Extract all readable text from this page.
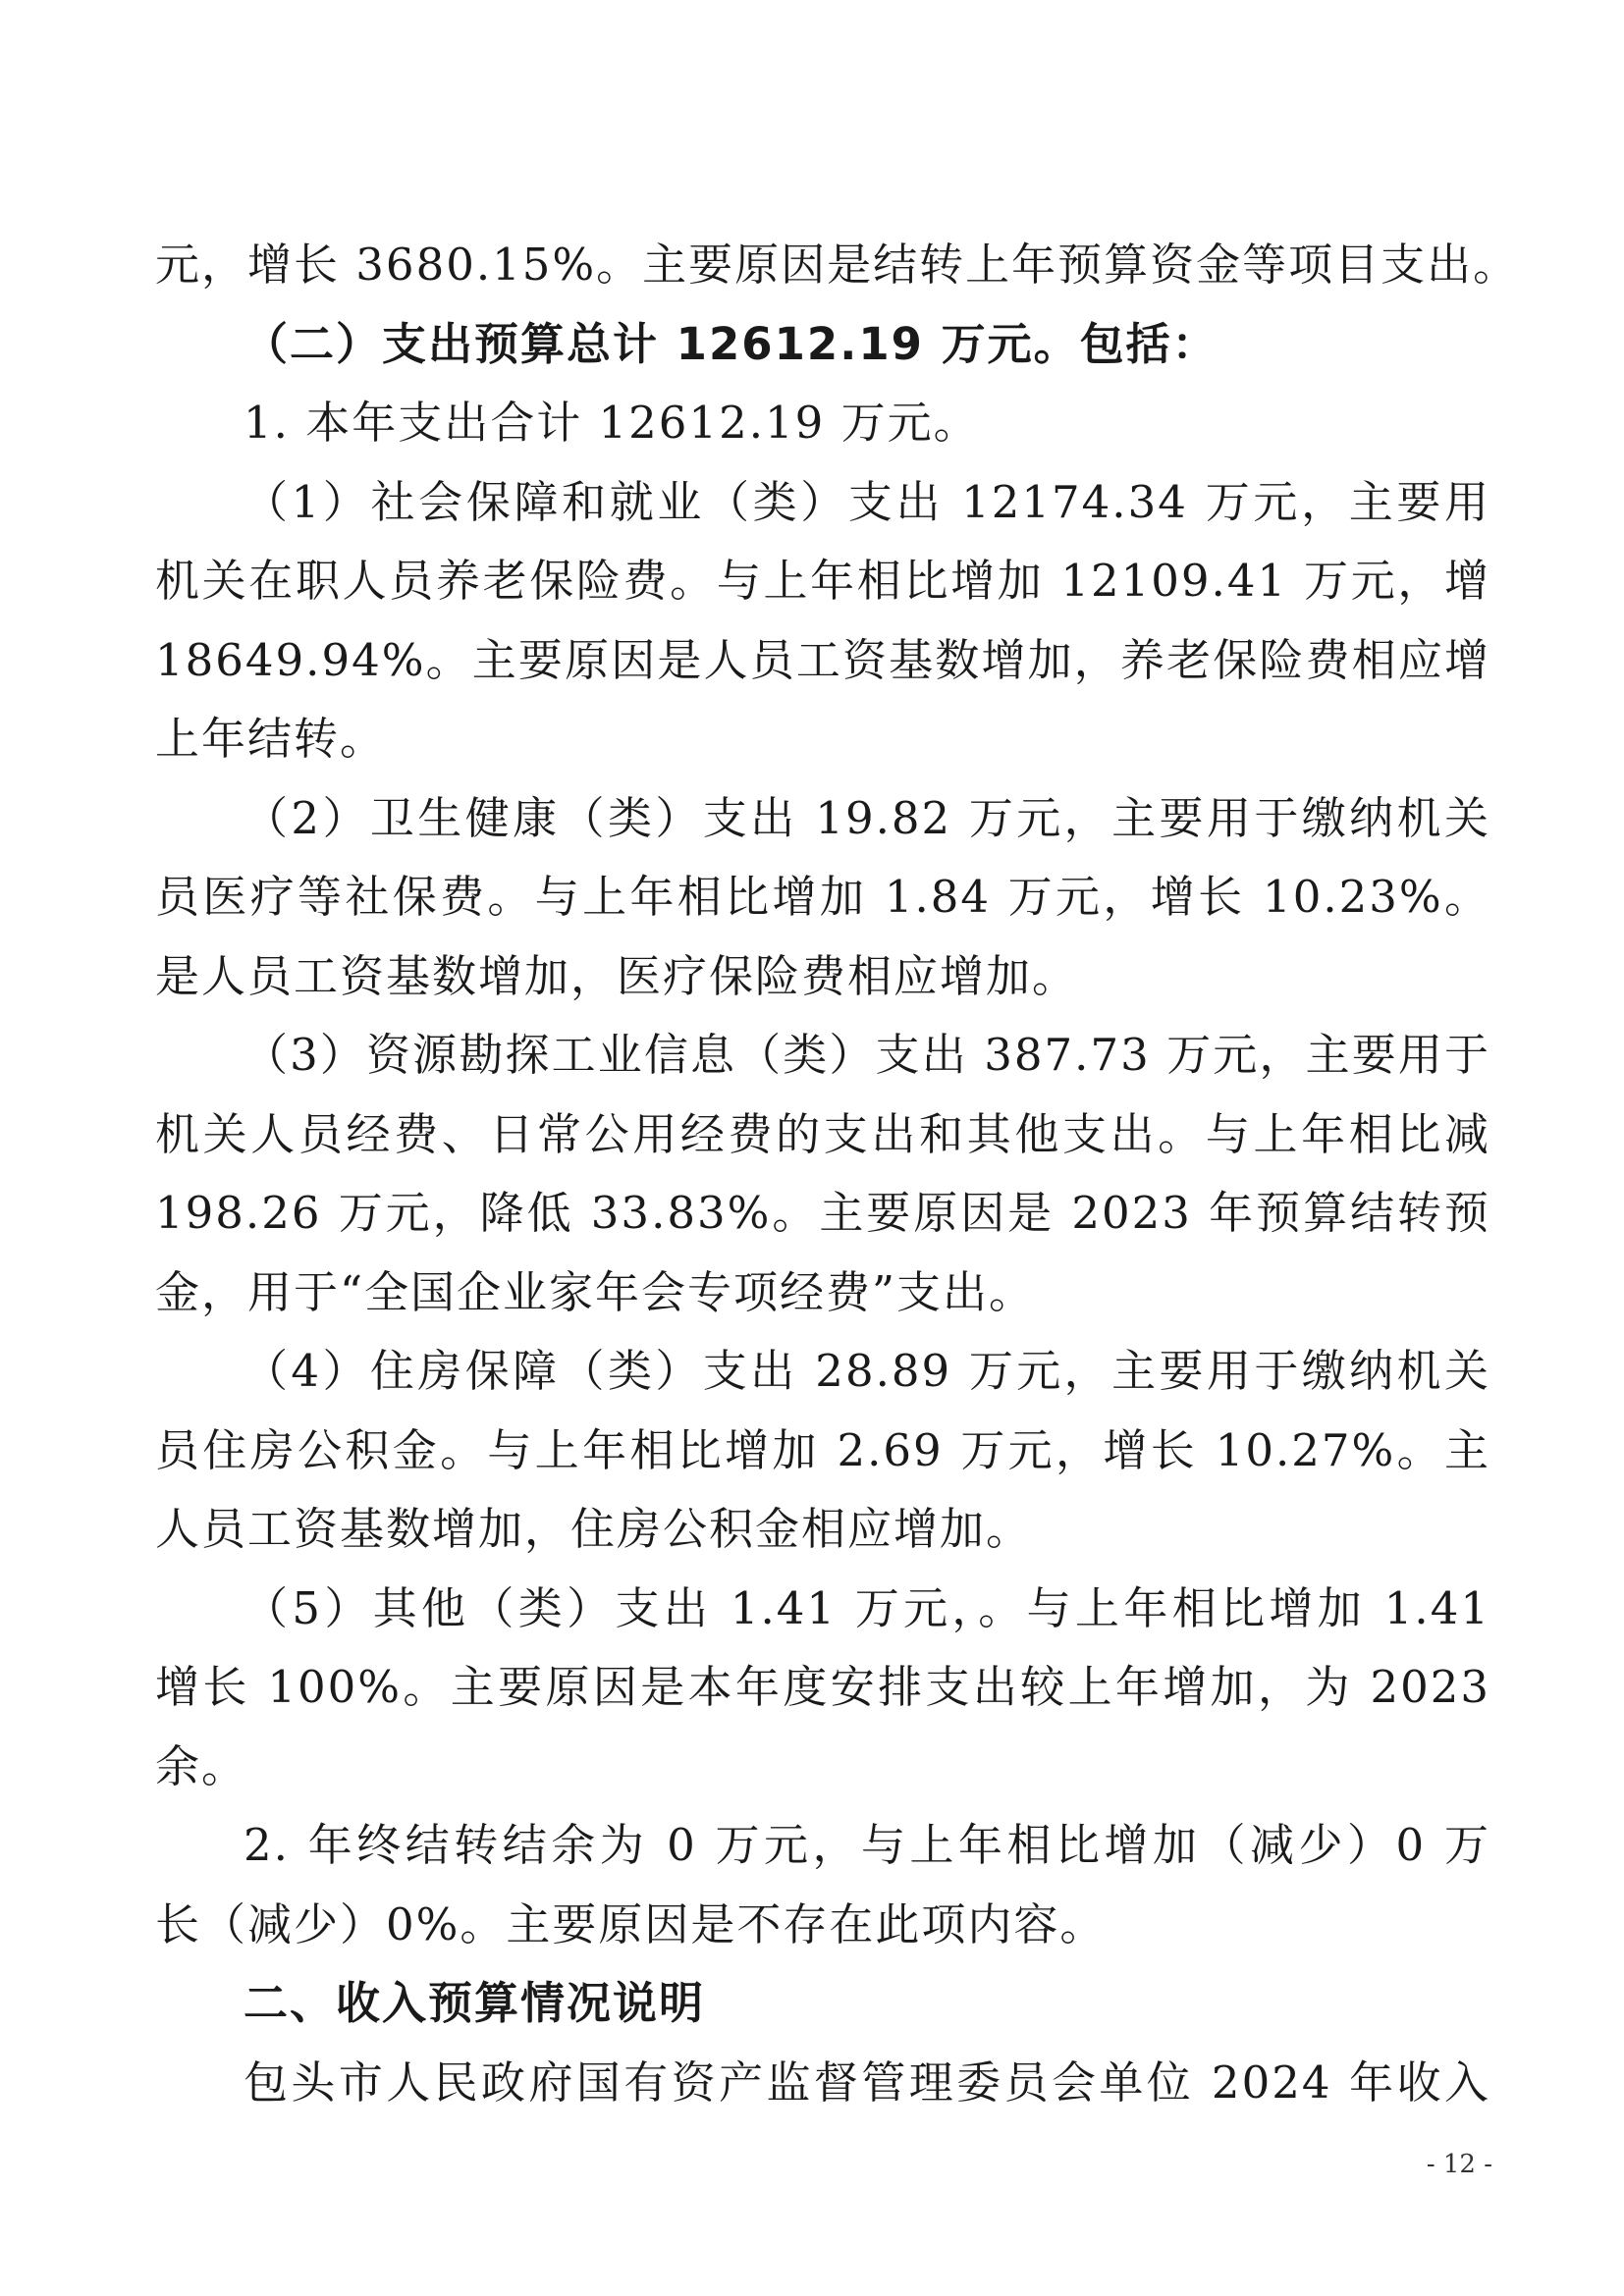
元，增长 3680.15%。主要原因是结转上年预算资金等项目支出。
（二）支出预算总计 12612.19 万元。包括：
1. 本年支出合计 12612.19 万元。
（1）社会保障和就业（类）支出 12174.34 万元，主要用
机关在职人员养老保险费。与上年相比增加 12109.41 万元，增
18649.94%。主要原因是人员工资基数增加，养老保险费相应增
上年结转。
（2）卫生健康（类）支出 19.82 万元，主要用于缴纳机关
员医疗等社保费。与上年相比增加 1.84 万元，增长 10.23%。
是人员工资基数增加，医疗保险费相应增加。
（3）资源勘探工业信息（类）支出 387.73 万元，主要用于
机关人员经费、日常公用经费的支出和其他支出。与上年相比减
198.26 万元，降低 33.83%。主要原因是 2023 年预算结转预
金，用于“全国企业家年会专项经费”支出。
（4）住房保障（类）支出 28.89 万元，主要用于缴纳机关
员住房公积金。与上年相比增加 2.69 万元，增长 10.27%。主
人员工资基数增加，住房公积金相应增加。
（5）其他（类）支出 1.41 万元，。与上年相比增加 1.41
增长 100%。主要原因是本年度安排支出较上年增加，为 2023
余。
2. 年终结转结余为 0 万元，与上年相比增加（减少）0 万
长（减少）0%。主要原因是不存在此项内容。
二、收入预算情况说明
包头市人民政府国有资产监督管理委员会单位 2024 年收入
- 12 -
